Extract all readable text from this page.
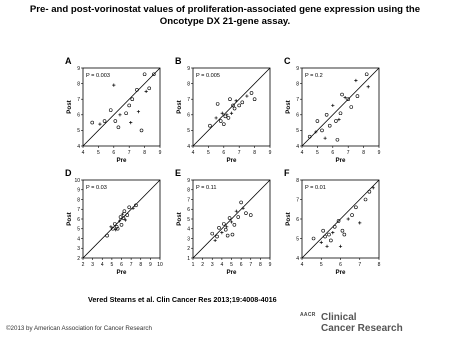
Pre- and post-vorinostat values of proliferation-associated gene expression using the Oncotype DX 21-gene assay.

A
P = 0.003
4	5	6	7	8	9
4
5
6
7
8
9
Pre
Post
B
P = 0.005
4	5	6	7	8	9
4
5
6
7
8
9
Pre
Post
C
P = 0.2
4	5	6	7	8	9
4
5
6
7
8
9
Pre
Post
D
P = 0.03
2 3 4 5 6 7 8 9 10
2
3
4
5
6
7
8
9
10
Pre
Post
E
P = 0.11
1 2 3 4 5 6 7 8 9
1
2
3
4
5
6
7
8
9
Pre
Post
F
P = 0.01
4	5	6	7	8
4
5
6
7
8
Pre
Post
Vered Stearns et al. Clin Cancer Res 2013;19:4008-4016
©2013 by American Association for Cancer Research
AACR Clinical
Cancer Research
